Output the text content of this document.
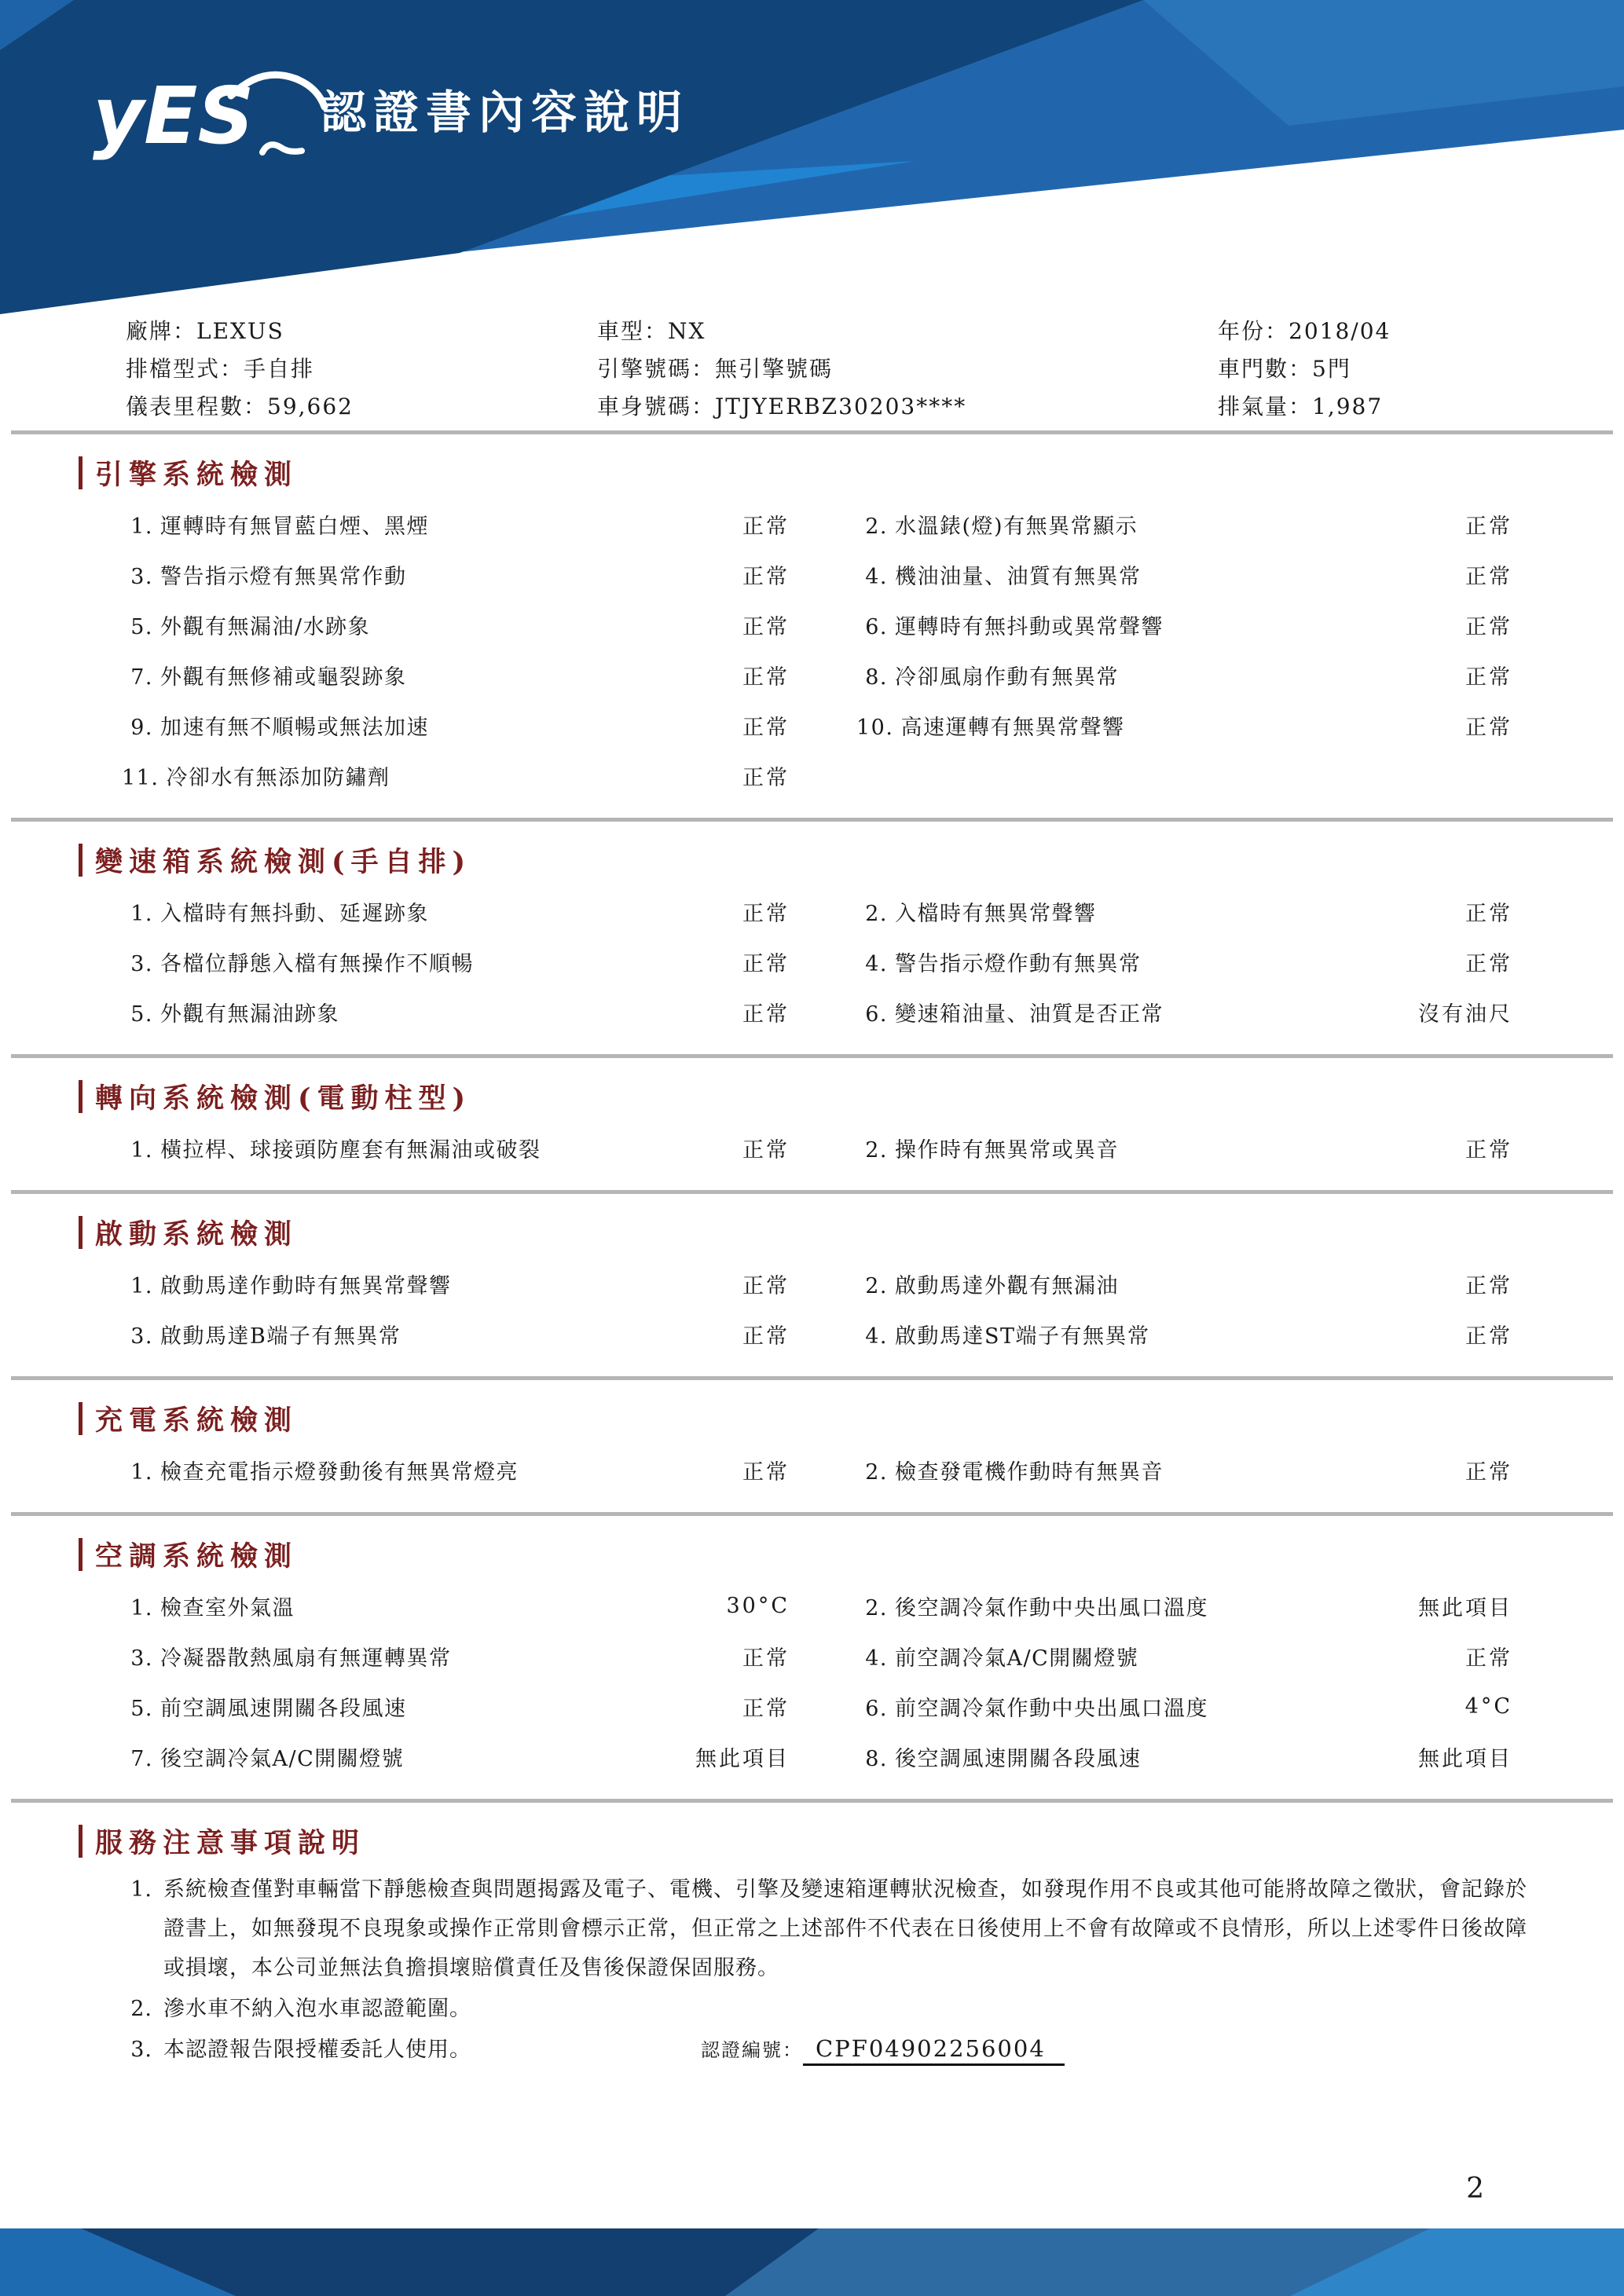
yES 認證書內容說明
廠牌：LEXUS	車型：NX	年份：2018/04
排檔型式：手自排	引擎號碼：無引擎號碼	車門數：5門
儀表里程數：59,662	車身號碼：JTJYERBZ30203****	排氣量：1,987
引擎系統檢測
1 . 運轉時有無冒藍白煙、黑煙	正常	2 . 水溫錶(燈)有無異常顯示	正常
3 . 警告指示燈有無異常作動	正常	4 . 機油油量、油質有無異常	正常
5 . 外觀有無漏油/水跡象	正常	6 . 運轉時有無抖動或異常聲響	正常
7 . 外觀有無修補或龜裂跡象	正常	8 . 冷卻風扇作動有無異常	正常
9 . 加速有無不順暢或無法加速	正常	10 . 高速運轉有無異常聲響	正常
11 . 冷卻水有無添加防鏽劑	正常
變速箱系統檢測(手自排)
1 . 入檔時有無抖動、延遲跡象	正常	2 . 入檔時有無異常聲響	正常
3 . 各檔位靜態入檔有無操作不順暢	正常	4 . 警告指示燈作動有無異常	正常
5 . 外觀有無漏油跡象	正常	6 . 變速箱油量、油質是否正常	沒有油尺
轉向系統檢測(電動柱型)
1 . 橫拉桿、球接頭防塵套有無漏油或破裂	正常	2 . 操作時有無異常或異音	正常
啟動系統檢測
1 . 啟動馬達作動時有無異常聲響	正常	2 . 啟動馬達外觀有無漏油	正常
3 . 啟動馬達B端子有無異常	正常	4 . 啟動馬達ST端子有無異常	正常
充電系統檢測
1 . 檢查充電指示燈發動後有無異常燈亮	正常	2 . 檢查發電機作動時有無異音	正常
空調系統檢測
1 . 檢查室外氣溫	30°C	2 . 後空調冷氣作動中央出風口溫度	無此項目
3 . 冷凝器散熱風扇有無運轉異常	正常	4 . 前空調冷氣A/C開關燈號	正常
5 . 前空調風速開關各段風速	正常	6 . 前空調冷氣作動中央出風口溫度	4°C
7 . 後空調冷氣A/C開關燈號	無此項目	8 . 後空調風速開關各段風速	無此項目
服務注意事項說明
1 . 系統檢查僅對車輛當下靜態檢查與問題揭露及電子、電機、引擎及變速箱運轉狀況檢查，如發現作用不良或其他可能將故障之徵狀，會記錄於證書上，如無發現不良現象或操作正常則會標示正常，但正常之上述部件不代表在日後使用上不會有故障或不良情形，所以上述零件日後故障或損壞，本公司並無法負擔損壞賠償責任及售後保證保固服務。
2 . 滲水車不納入泡水車認證範圍。
3 . 本認證報告限授權委託人使用。	認證編號： CPF04902256004
2
